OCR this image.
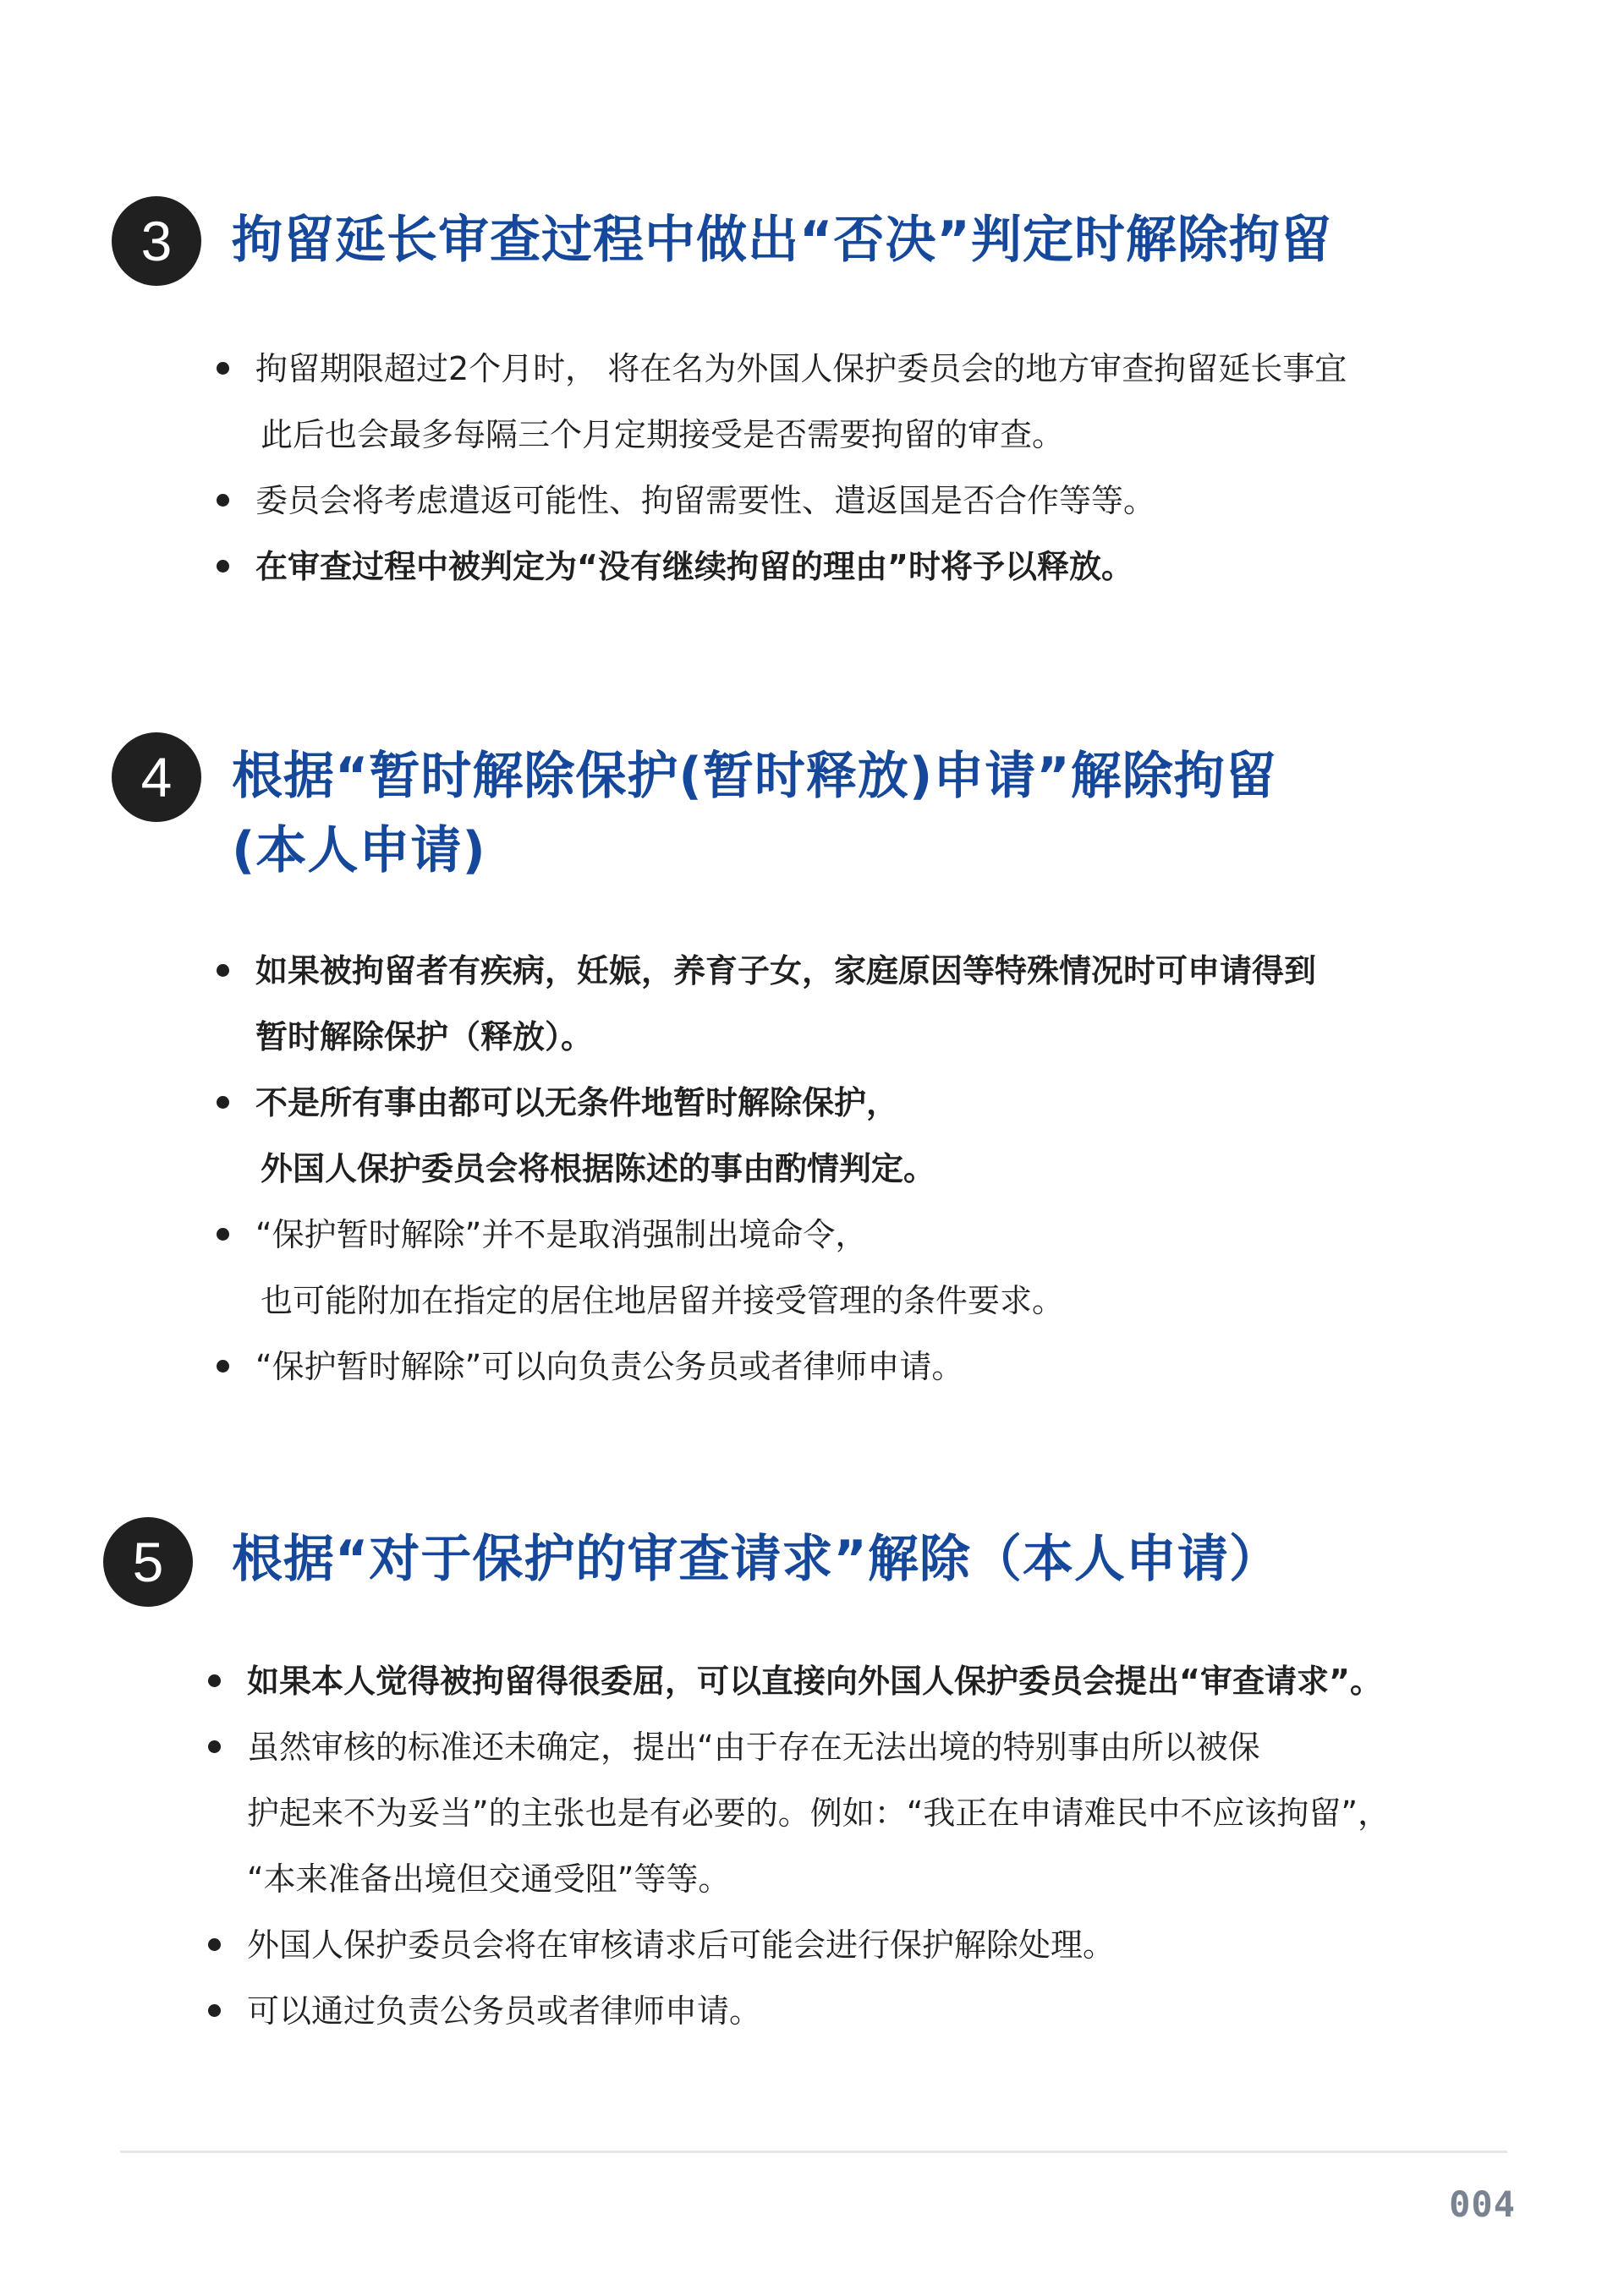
3	拘留延长审查过程中做出“否决”判定时解除拘留
拘留期限超过2个月时， 将在名为外国人保护委员会的地方审查拘留延长事宜
此后也会最多每隔三个月定期接受是否需要拘留的审查。
委员会将考虑遣返可能性、拘留需要性、遣返国是否合作等等。
在审查过程中被判定为“没有继续拘留的理由”时将予以释放。
4	根据“暂时解除保护(暂时释放)申请”解除拘留
(本人申请)
如果被拘留者有疾病，妊娠，养育子女，家庭原因等特殊情况时可申请得到
暂时解除保护（释放）。
不是所有事由都可以无条件地暂时解除保护，
外国人保护委员会将根据陈述的事由酌情判定。
“保护暂时解除”并不是取消强制出境命令，
也可能附加在指定的居住地居留并接受管理的条件要求。
“保护暂时解除”可以向负责公务员或者律师申请。
5	根据“对于保护的审查请求”解除（本人申请）
如果本人觉得被拘留得很委屈，可以直接向外国人保护委员会提出“审查请求”。
虽然审核的标准还未确定，提出“由于存在无法出境的特别事由所以被保
护起来不为妥当”的主张也是有必要的。例如：“我正在申请难民中不应该拘留”，
“本来准备出境但交通受阻”等等。
外国人保护委员会将在审核请求后可能会进行保护解除处理。
可以通过负责公务员或者律师申请。
004
